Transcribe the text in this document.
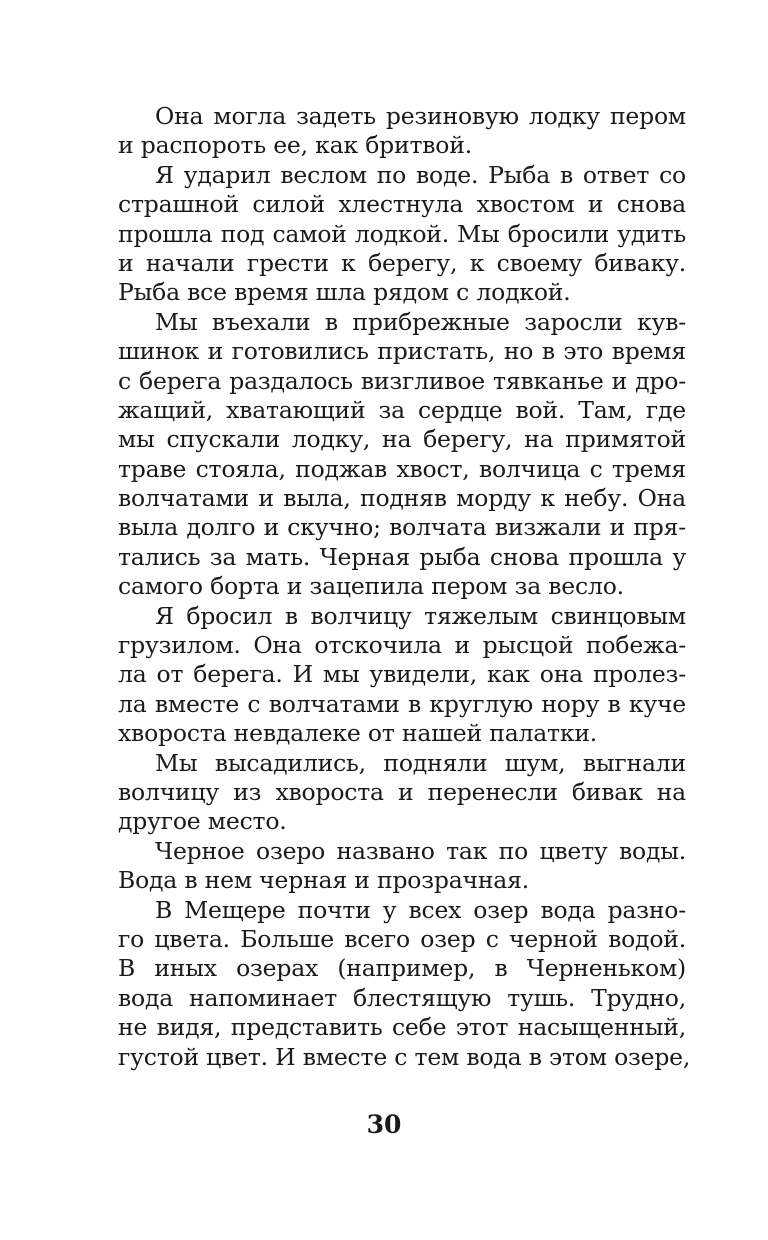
Она могла задеть резиновую лодку пером
и распороть ее, как бритвой.
Я ударил веслом по воде. Рыба в ответ со
страшной силой хлестнула хвостом и снова
прошла под самой лодкой. Мы бросили удить
и начали грести к берегу, к своему биваку.
Рыба все время шла рядом с лодкой.
Мы въехали в прибрежные заросли кув-
шинок и готовились пристать, но в это время
с берега раздалось визгливое тявканье и дро-
жащий, хватающий за сердце вой. Там, где
мы спускали лодку, на берегу, на примятой
траве стояла, поджав хвост, волчица с тремя
волчатами и выла, подняв морду к небу. Она
выла долго и скучно; волчата визжали и пря-
тались за мать. Черная рыба снова прошла у
самого борта и зацепила пером за весло.
Я бросил в волчицу тяжелым свинцовым
грузилом. Она отскочила и рысцой побежа-
ла от берега. И мы увидели, как она пролез-
ла вместе с волчатами в круглую нору в куче
хвороста невдалеке от нашей палатки.
Мы высадились, подняли шум, выгнали
волчицу из хвороста и перенесли бивак на
другое место.
Черное озеро названо так по цвету воды.
Вода в нем черная и прозрачная.
В Мещере почти у всех озер вода разно-
го цвета. Больше всего озер с черной водой.
В иных озерах (например, в Черненьком)
вода напоминает блестящую тушь. Трудно,
не видя, представить себе этот насыщенный,
густой цвет. И вместе с тем вода в этом озере,
30
